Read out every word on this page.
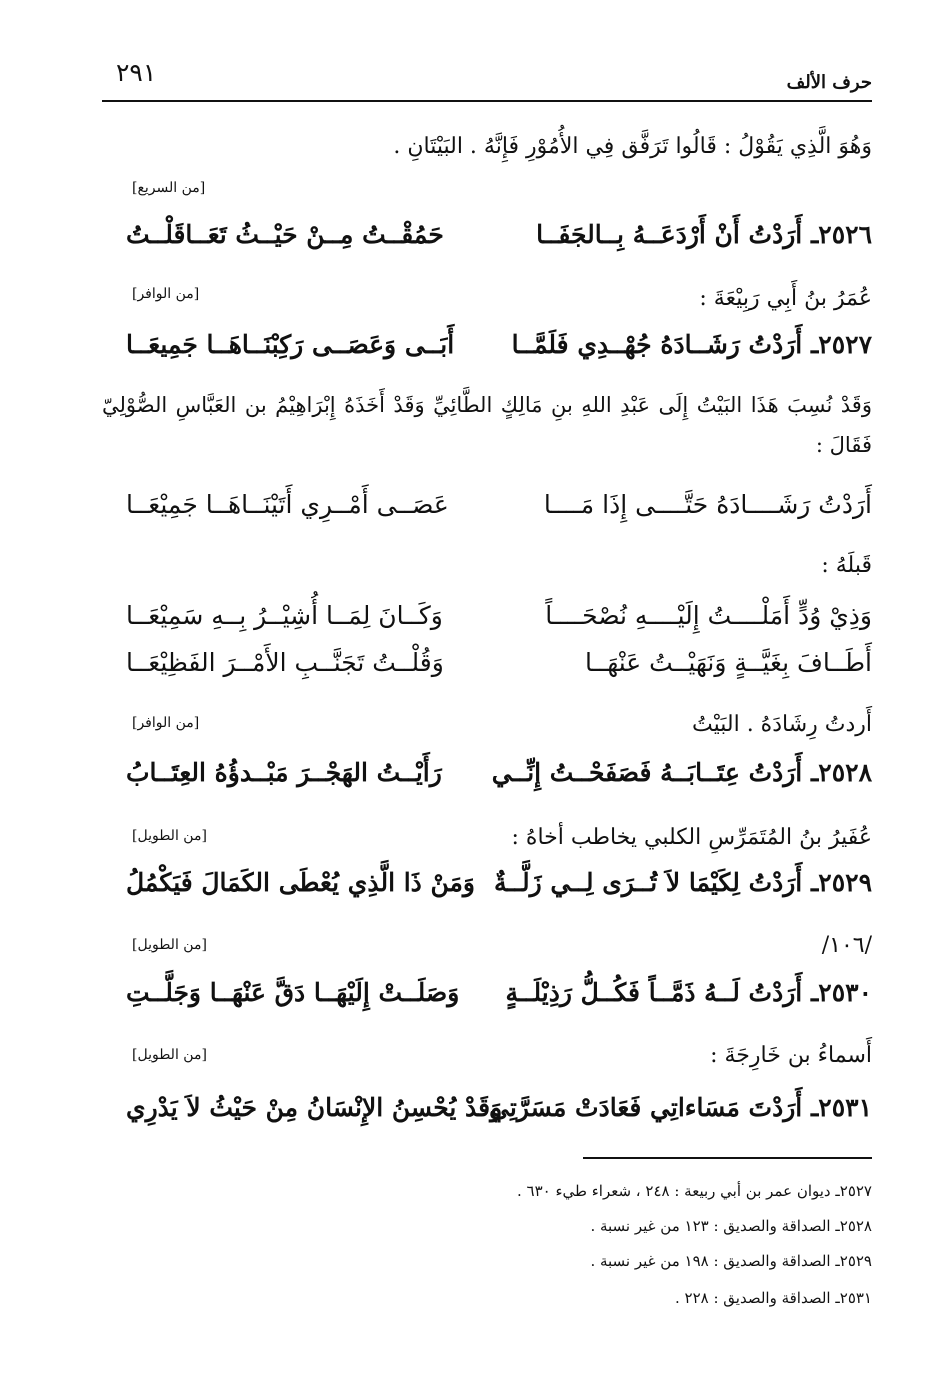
حرف الألف
٢٩١
وَهُوَ الَّذِي يَقُوْلُ : قَالُوا تَرَفَّق فِي الأُمُوْرِ فَإِنَّهُ . البَيْتَانِ .
[من السريع]
٢٥٢٦ـ أَرَدْتُ أَنْ أَرْدَعَــهُ بِــالجَفَــا
حَمُقْــتُ مِــنْ حَيْــثُ تَعَــاقَلْــتُ
عُمَرُ بنُ أَبِي رَبِيْعَةَ :
[من الوافر]
٢٥٢٧ـ أَرَدْتُ رَشَــادَهُ جُهْــدِي فَلَمَّــا
أَبَــى وَعَصَــى رَكِبْنَــاهَــا جَمِيعَــا
وَقَدْ نُسِبَ هَذَا البَيْتُ إِلَى عَبْدِ اللهِ بنِ مَالِكٍ الطَّائِيِّ وَقَدْ أَخَذَهُ إِبْرَاهِيْمُ بن العَبَّاسِ الصُّوْلِيّ فَقَالَ :
أَرَدْتُ رَشَــــادَهُ حَتَّــــى إِذَا مَــــا
عَصَــى أَمْــرِي أَتَيْنَــاهَــا جَمِيْعَــا
قَبلَهُ :
وَذِيْ وُدٍّ أَمَلْــــتُ إِلَيْــــهِ نُصْحَــــاً
وَكَــانَ لِمَــا أُشِيْــرُ بِــهِ سَمِيْعَــا
أَطَــافَ بِغَيَّــةٍ وَنَهَيْــتُ عَنْهَــا
وَقُلْــتُ تَجَنَّــبِ الأَمْــرَ الفَظِيْعَــا
أَردتُ رِشَادَهُ . البَيْتُ
[من الوافر]
٢٥٢٨ـ أَرَدْتُ عِتَــابَــهُ فَصَفَحْــتُ إِنِّــي
رَأَيْــتُ الهَجْــرَ مَبْــدؤُهُ العِتَــابُ
عُفَيرُ بنُ المُتَمَرِّسِ الكلبي يخاطب أخاهُ :
[من الطويل]
٢٥٢٩ـ أَرَدْتُ لِكَيْمَا لاَ تُــرَى لِــي زَلَّــةٌ
وَمَنْ ذَا الَّذِي يُعْطَى الكَمَالَ فَيَكْمُلُ
/١٠٦/
[من الطويل]
٢٥٣٠ـ أَرَدْتُ لَــهُ ذَمَّــاً فَكُــلُّ رَذِيْلَــةٍ
وَصَلَــتْ إِلَيْهَــا دَقَّ عَنْهَــا وَجَلَّــتِ
أَسماءُ بن خَارِجَةَ :
[من الطويل]
٢٥٣١ـ أَرَدْتَ مَسَاءاتِي فَعَادَتْ مَسَرَّتِي
وَقَدْ يُحْسِنُ الإِنْسَانُ مِنْ حَيْثُ لاَ يَدْرِي
٢٥٢٧ـ ديوان عمر بن أبي ربيعة : ٢٤٨ ، شعراء طيء ٦٣٠ .
٢٥٢٨ـ الصداقة والصديق : ١٢٣ من غير نسبة .
٢٥٢٩ـ الصداقة والصديق : ١٩٨ من غير نسبة .
٢٥٣١ـ الصداقة والصديق : ٢٢٨ .
